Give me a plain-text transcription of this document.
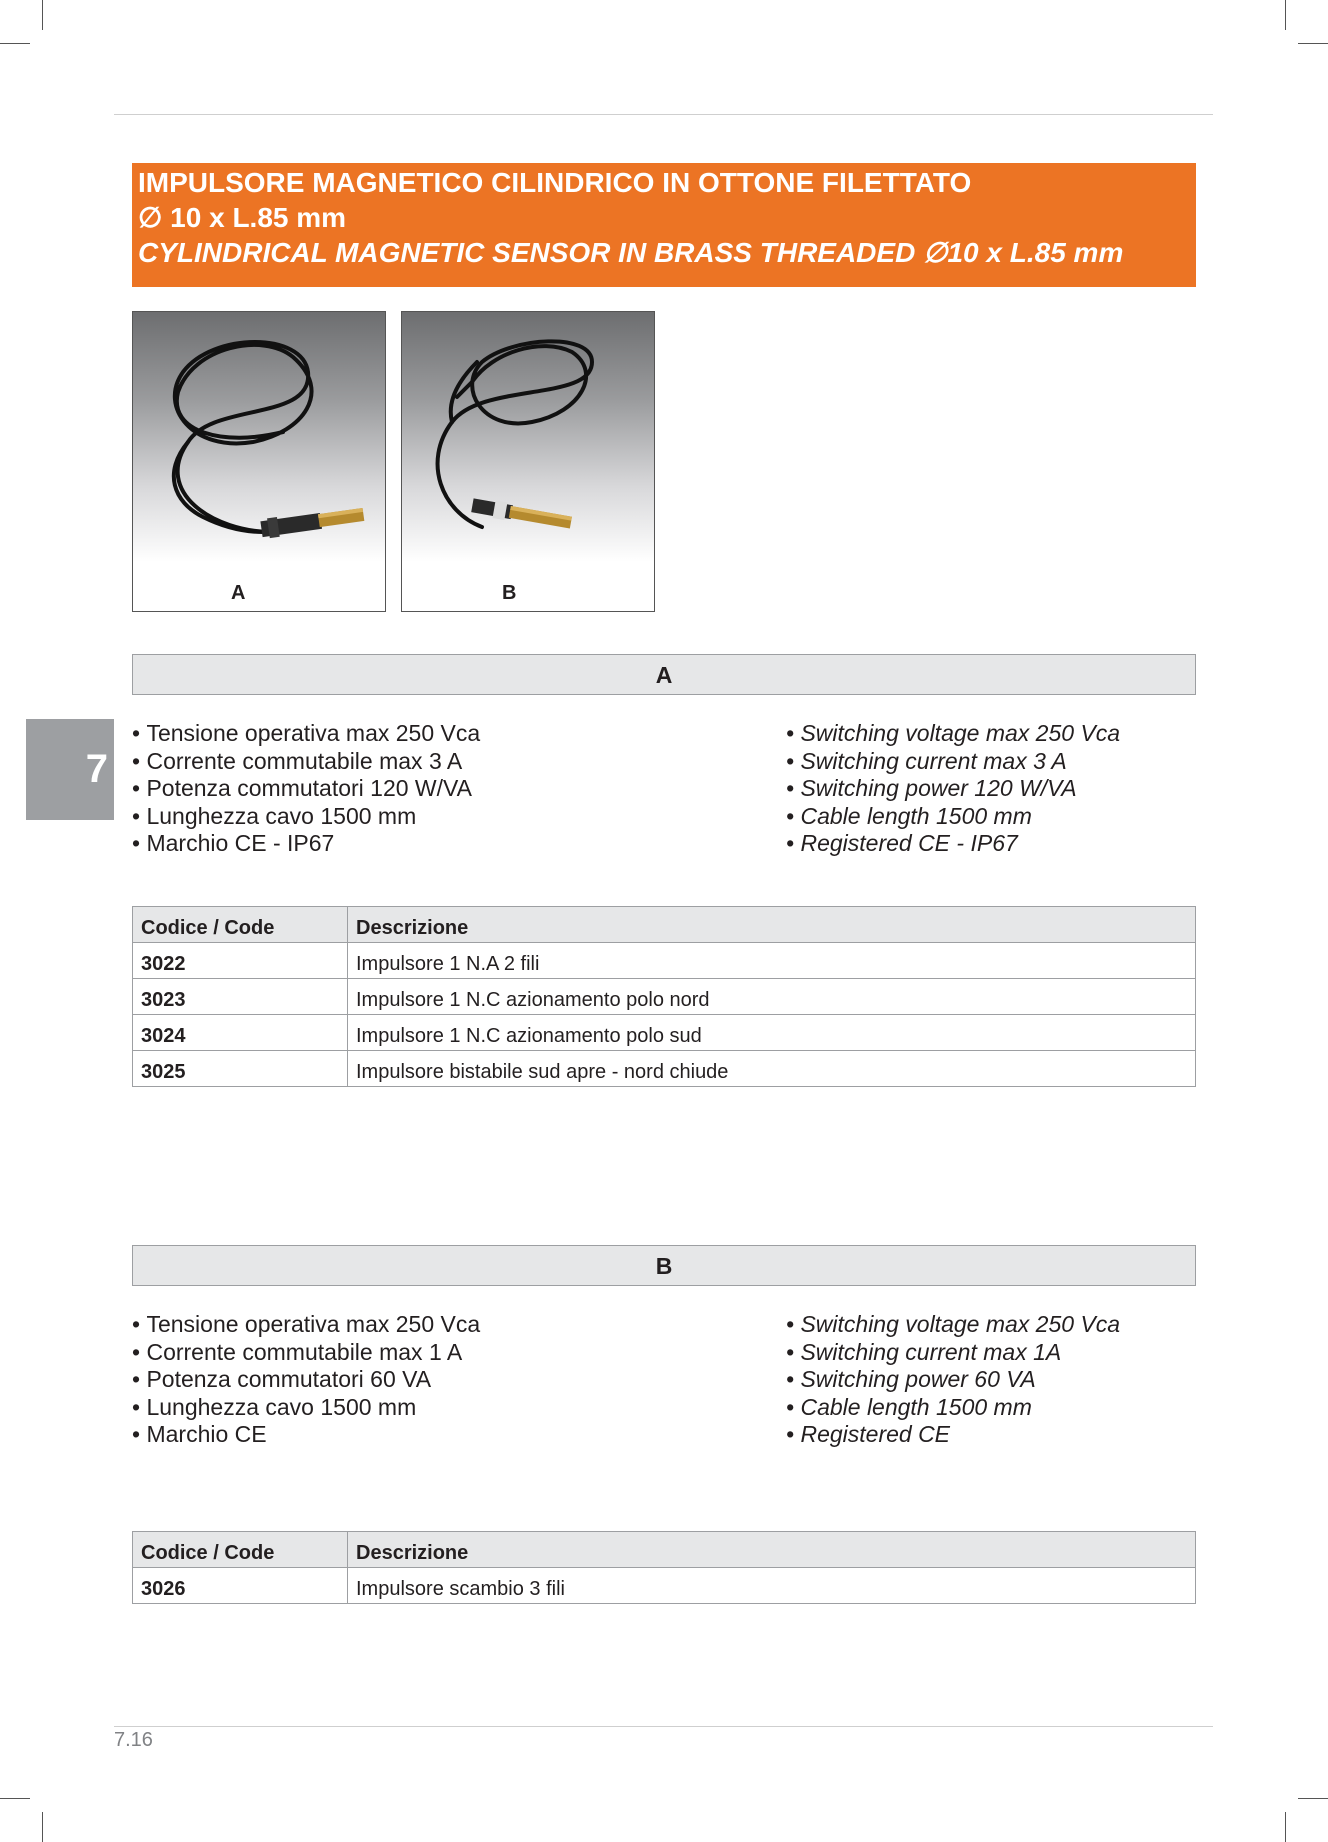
IMPULSORE MAGNETICO CILINDRICO IN OTTONE FILETTATO
∅ 10 x L.85 mm
CYLINDRICAL MAGNETIC SENSOR IN BRASS THREADED ∅10 x L.85 mm
A	B
7
A
• Tensione operativa max 250 Vca
• Corrente commutabile max 3 A
• Potenza commutatori 120 W/VA
• Lunghezza cavo 1500 mm
• Marchio CE - IP67
• Switching voltage max 250 Vca
• Switching current max 3 A
• Switching power 120 W/VA
• Cable length 1500 mm
• Registered CE - IP67
Codice / Code	Descrizione
3022	Impulsore 1 N.A 2 fili
3023	Impulsore 1 N.C azionamento polo nord
3024	Impulsore 1 N.C azionamento polo sud
3025	Impulsore bistabile sud apre - nord chiude
B
• Tensione operativa max 250 Vca
• Corrente commutabile max 1 A
• Potenza commutatori 60 VA
• Lunghezza cavo 1500 mm
• Marchio CE
• Switching voltage max 250 Vca
• Switching current max 1A
• Switching power 60 VA
• Cable length 1500 mm
• Registered CE
Codice / Code	Descrizione
3026	Impulsore scambio 3 fili
7.16
